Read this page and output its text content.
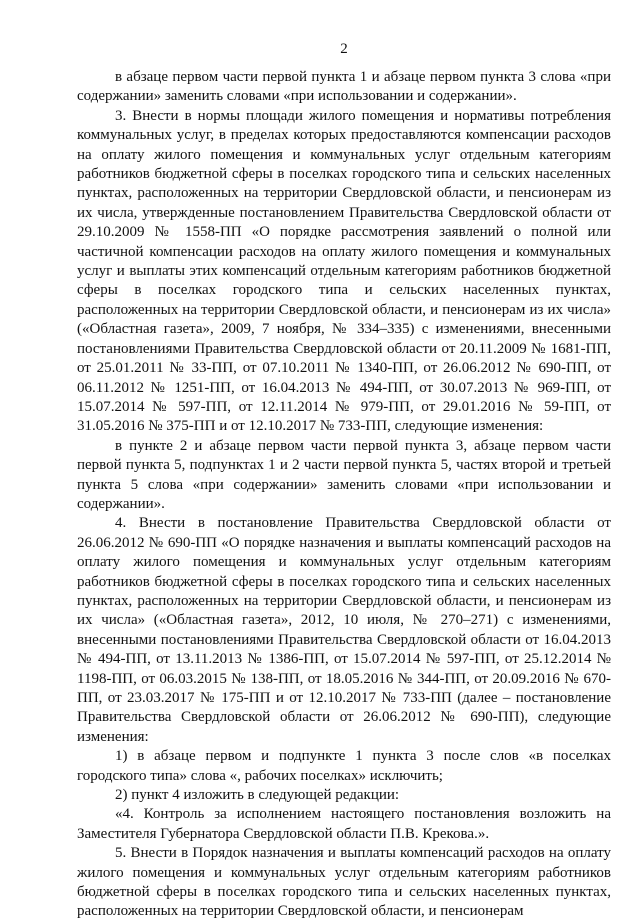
2

в абзаце первом части первой пункта 1 и абзаце первом пункта 3 слова «при содержании» заменить словами «при использовании и содержании».

3. Внести в нормы площади жилого помещения и нормативы потребления коммунальных услуг, в пределах которых предоставляются компенсации расходов на оплату жилого помещения и коммунальных услуг отдельным категориям работников бюджетной сферы в поселках городского типа и сельских населенных пунктах, расположенных на территории Свердловской области, и пенсионерам из их числа, утвержденные постановлением Правительства Свердловской области от 29.10.2009 № 1558-ПП «О порядке рассмотрения заявлений о полной или частичной компенсации расходов на оплату жилого помещения и коммунальных услуг и выплаты этих компенсаций отдельным категориям работников бюджетной сферы в поселках городского типа и сельских населенных пунктах, расположенных на территории Свердловской области, и пенсионерам из их числа» («Областная газета», 2009, 7 ноября, № 334–335) с изменениями, внесенными постановлениями Правительства Свердловской области от 20.11.2009 № 1681-ПП, от 25.01.2011 № 33-ПП, от 07.10.2011 № 1340-ПП, от 26.06.2012 № 690-ПП, от 06.11.2012 № 1251-ПП, от 16.04.2013 № 494-ПП, от 30.07.2013 № 969-ПП, от 15.07.2014 № 597-ПП, от 12.11.2014 № 979-ПП, от 29.01.2016 № 59-ПП, от 31.05.2016 № 375-ПП и от 12.10.2017 № 733-ПП, следующие изменения:

в пункте 2 и абзаце первом части первой пункта 3, абзаце первом части первой пункта 5, подпунктах 1 и 2 части первой пункта 5, частях второй и третьей пункта 5 слова «при содержании» заменить словами «при использовании и содержании».

4. Внести в постановление Правительства Свердловской области от 26.06.2012 № 690-ПП «О порядке назначения и выплаты компенсаций расходов на оплату жилого помещения и коммунальных услуг отдельным категориям работников бюджетной сферы в поселках городского типа и сельских населенных пунктах, расположенных на территории Свердловской области, и пенсионерам из их числа» («Областная газета», 2012, 10 июля, № 270–271) с изменениями, внесенными постановлениями Правительства Свердловской области от 16.04.2013 № 494-ПП, от 13.11.2013 № 1386-ПП, от 15.07.2014 № 597-ПП, от 25.12.2014 № 1198-ПП, от 06.03.2015 № 138-ПП, от 18.05.2016 № 344-ПП, от 20.09.2016 № 670-ПП, от 23.03.2017 № 175-ПП и от 12.10.2017 № 733-ПП (далее – постановление Правительства Свердловской области от 26.06.2012 № 690-ПП), следующие изменения:

1) в абзаце первом и подпункте 1 пункта 3 после слов «в поселках городского типа» слова «, рабочих поселках» исключить;

2) пункт 4 изложить в следующей редакции:

«4. Контроль за исполнением настоящего постановления возложить на Заместителя Губернатора Свердловской области П.В. Крекова.».

5. Внести в Порядок назначения и выплаты компенсаций расходов на оплату жилого помещения и коммунальных услуг отдельным категориям работников бюджетной сферы в поселках городского типа и сельских населенных пунктах, расположенных на территории Свердловской области, и пенсионерам
